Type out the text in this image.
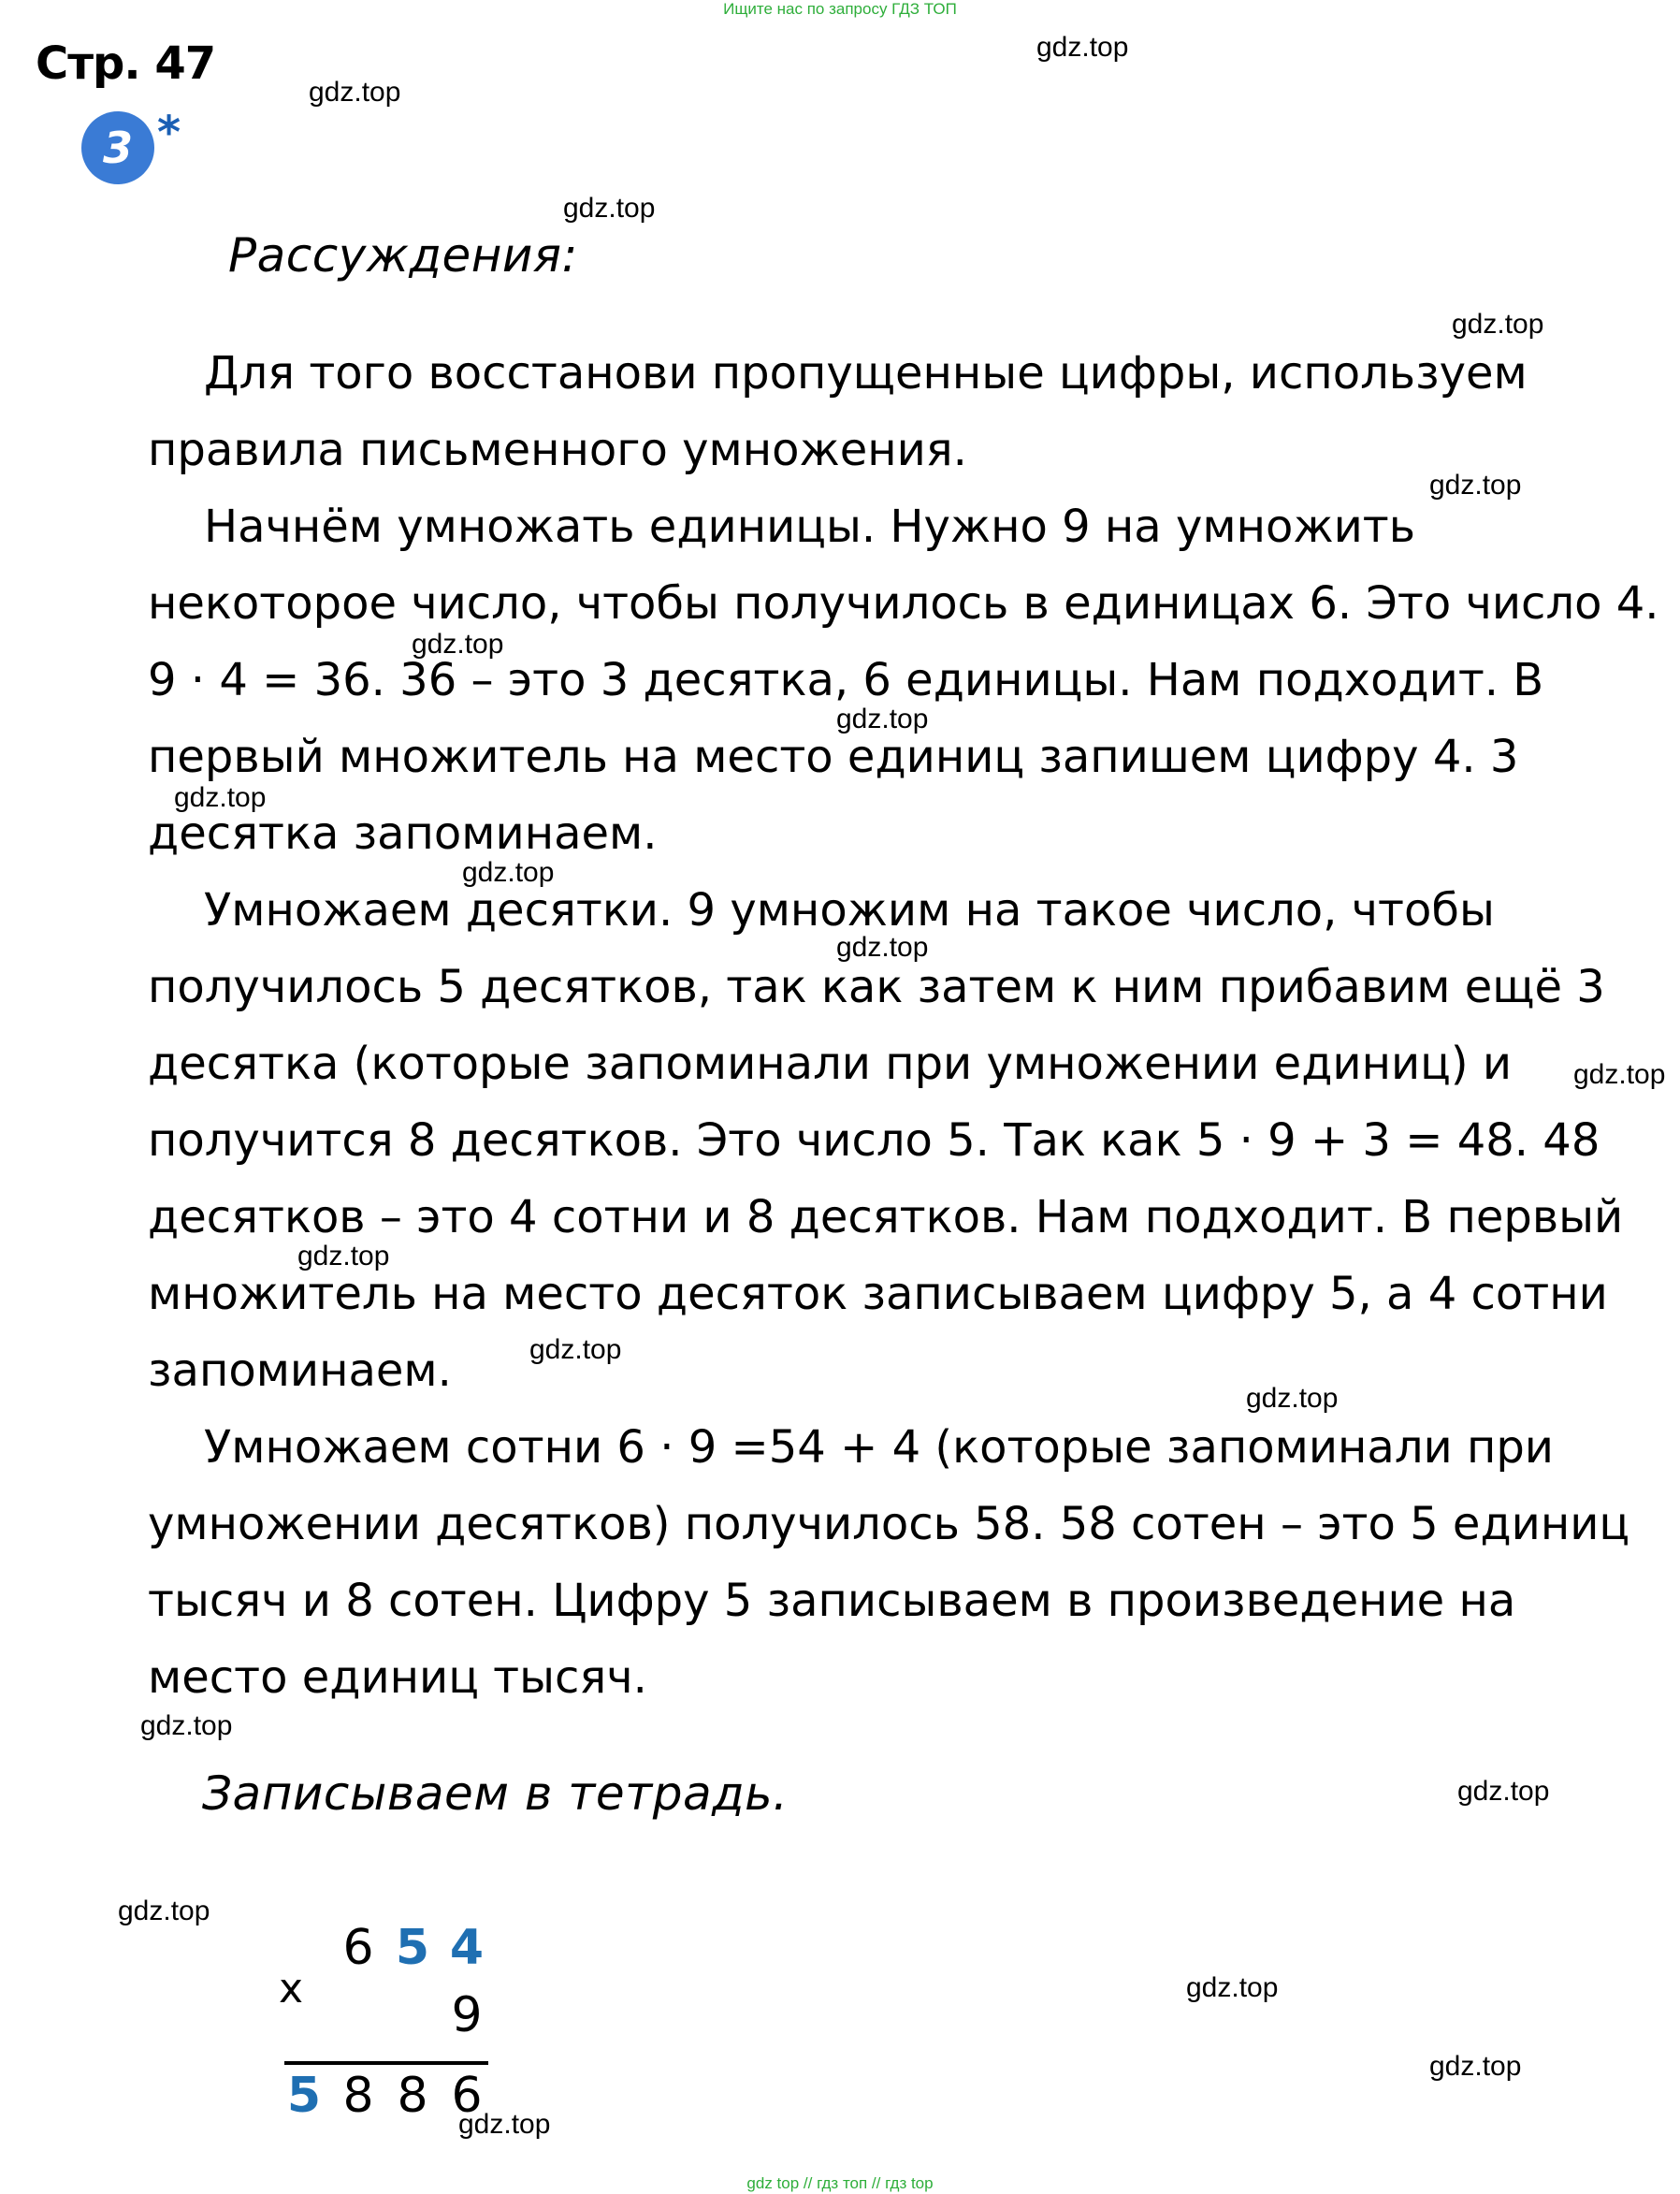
Ищите нас по запросу ГДЗ ТОП
Стр. 47
3 *
Рассуждения:

Для того восстанови пропущенные цифры, используем правила письменного умножения.

Начнём умножать единицы. Нужно 9 на умножить некоторое число, чтобы получилось в единицах 6. Это число 4. 9 · 4 = 36. 36 – это 3 десятка, 6 единицы. Нам подходит. В первый множитель на место единиц запишем цифру 4. 3 десятка запоминаем.

Умножаем десятки. 9 умножим на такое число, чтобы получилось 5 десятков, так как затем к ним прибавим ещё 3 десятка (которые запоминали при умножении единиц) и получится 8 десятков. Это число 5. Так как 5 · 9 + 3 = 48. 48 десятков – это 4 сотни и 8 десятков. Нам подходит. В первый множитель на место десяток записываем цифру 5, а 4 сотни запоминаем.

Умножаем сотни 6 · 9 =54 + 4 (которые запоминали при умножении десятков) получилось 58. 58 сотен – это 5 единиц тысяч и 8 сотен. Цифру 5 записываем в произведение на место единиц тысяч.

Записываем в тетрадь.
x
6 5 4
9
5 8 8 6
gdz.top
gdz.top
gdz.top
gdz.top
gdz.top
gdz.top
gdz.top
gdz.top
gdz.top
gdz.top
gdz.top
gdz.top
gdz.top
gdz.top
gdz.top
gdz.top
gdz.top
gdz.top
gdz.top
gdz.top
gdz top // гдз топ // гдз top
